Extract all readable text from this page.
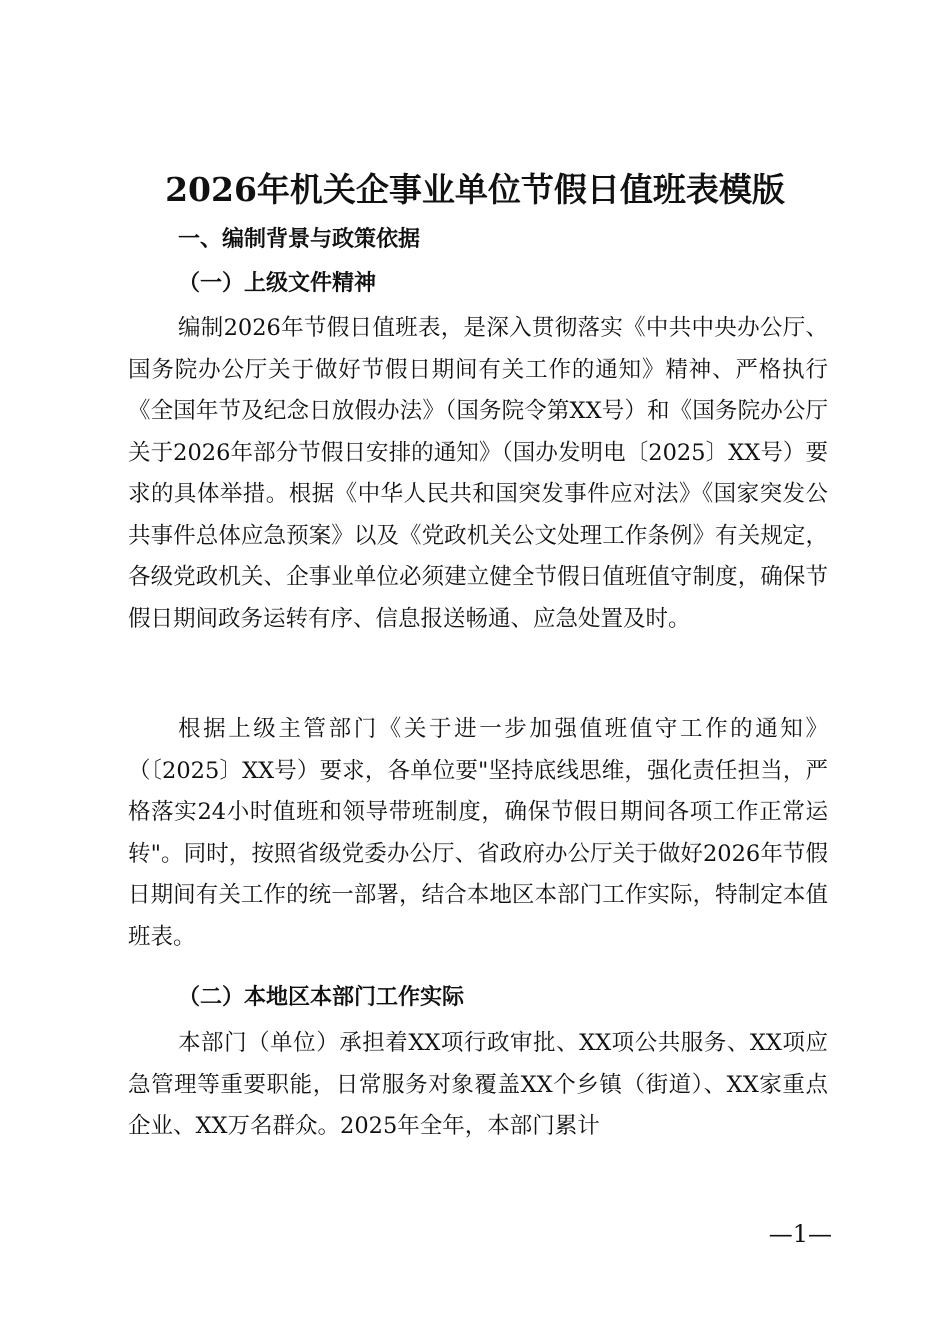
2026年机关企事业单位节假日值班表模版
一、编制背景与政策依据
（一）上级文件精神

编制2026年节假日值班表，是深入贯彻落实《中共中央办公厅、国务院办公厅关于做好节假日期间有关工作的通知》精神、严格执行《全国年节及纪念日放假办法》（国务院令第XX号）和《国务院办公厅关于2026年部分节假日安排的通知》（国办发明电〔2025〕XX号）要求的具体举措。根据《中华人民共和国突发事件应对法》《国家突发公共事件总体应急预案》以及《党政机关公文处理工作条例》有关规定，各级党政机关、企事业单位必须建立健全节假日值班值守制度，确保节假日期间政务运转有序、信息报送畅通、应急处置及时。

根据上级主管部门《关于进一步加强值班值守工作的通知》（〔2025〕XX号）要求，各单位要"坚持底线思维，强化责任担当，严格落实24小时值班和领导带班制度，确保节假日期间各项工作正常运转"。同时，按照省级党委办公厅、省政府办公厅关于做好2026年节假日期间有关工作的统一部署，结合本地区本部门工作实际，特制定本值班表。

（二）本地区本部门工作实际

本部门（单位）承担着XX项行政审批、XX项公共服务、XX项应急管理等重要职能，日常服务对象覆盖XX个乡镇（街道）、XX家重点企业、XX万名群众。2025年全年，本部门累计

—1—
